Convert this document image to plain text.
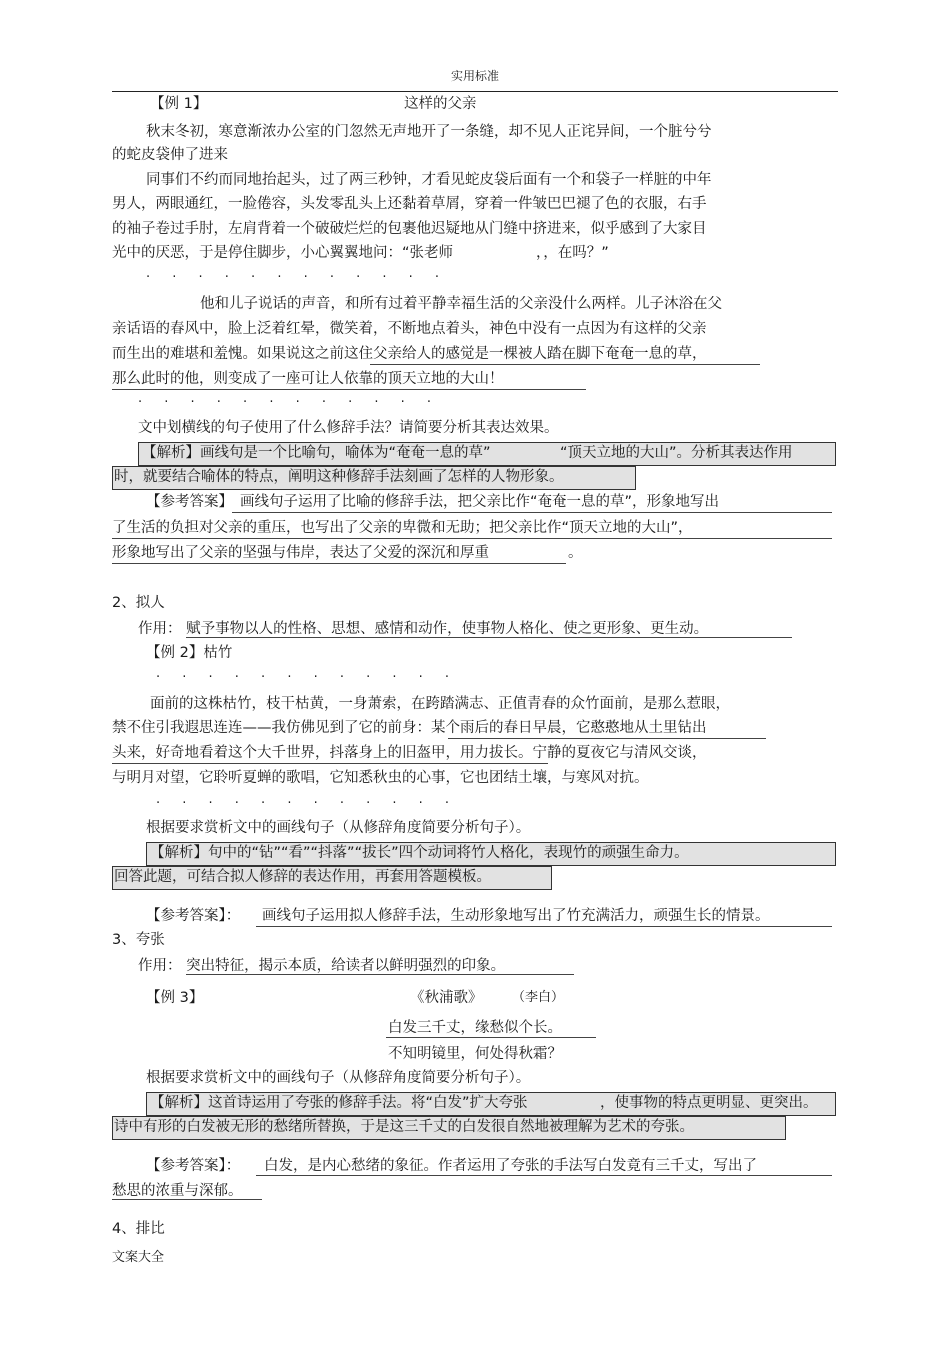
实用标准
【例 1】	这样的父亲
秋末冬初，寒意渐浓办公室的门忽然无声地开了一条缝，却不见人正诧异间，一个脏兮兮
的蛇皮袋伸了进来
同事们不约而同地抬起头，过了两三秒钟，才看见蛇皮袋后面有一个和袋子一样脏的中年
男人，两眼通红，一脸倦容，头发零乱头上还黏着草屑，穿着一件皱巴巴褪了色的衣服，右手
的袖子卷过手肘，左肩背着一个破破烂烂的包裹他迟疑地从门缝中挤进来，似乎感到了大家目
光中的厌恶，于是停住脚步，小心翼翼地问：“张老师	，，在吗？”
· · · · · · · · · · · ·
他和儿子说话的声音，和所有过着平静幸福生活的父亲没什么两样。儿子沐浴在父
亲话语的春风中，脸上泛着红晕，微笑着，不断地点着头，神色中没有一点因为有这样的父亲
而生出的难堪和羞愧。如果说这之前这住父亲给人的感觉是一棵被人踏在脚下奄奄一息的草，
那么此时的他，则变成了一座可让人依靠的顶天立地的大山！
· · · · · · · · · · · ·
文中划横线的句子使用了什么修辞手法？请简要分析其表达效果。
【解析】画线句是一个比喻句，喻体为“奄奄一息的草”	“顶天立地的大山”。分析其表达作用
时，就要结合喻体的特点，阐明这种修辞手法刻画了怎样的人物形象。
【参考答案】 画线句子运用了比喻的修辞手法，把父亲比作“奄奄一息的草”，形象地写出
了生活的负担对父亲的重压，也写出了父亲的卑微和无助；把父亲比作“顶天立地的大山”，
形象地写出了父亲的坚强与伟岸，表达了父爱的深沉和厚重	。
2、拟人
作用： 赋予事物以人的性格、思想、感情和动作，使事物人格化、使之更形象、更生动。
【例 2】枯竹
· · · · · · · · · · · ·
面前的这株枯竹，枝干枯黄，一身萧索，在跨踏满志、正值青春的众竹面前，是那么惹眼，
禁不住引我遐思连连——我仿佛见到了它的前身：某个雨后的春日早晨，它憨憨地从土里钻出
头来，好奇地看着这个大千世界，抖落身上的旧盔甲，用力拔长。宁静的夏夜它与清风交谈，
与明月对望，它聆听夏蝉的歌唱，它知悉秋虫的心事，它也团结土壤，与寒风对抗。
· · · · · · · · · · · ·
根据要求赏析文中的画线句子（从修辞角度简要分析句子）。
【解析】句中的“钻”“看”“抖落”“拔长”四个动词将竹人格化，表现竹的顽强生命力。
回答此题，可结合拟人修辞的表达作用，再套用答题模板。
【参考答案】： 画线句子运用拟人修辞手法，生动形象地写出了竹充满活力，顽强生长的情景。
3、夸张
作用： 突出特征，揭示本质，给读者以鲜明强烈的印象。
【例 3】	《秋浦歌》 （李白）
白发三千丈，缘愁似个长。
不知明镜里，何处得秋霜？
根据要求赏析文中的画线句子（从修辞角度简要分析句子）。
【解析】这首诗运用了夸张的修辞手法。将“白发”扩大夸张	，使事物的特点更明显、更突出。
诗中有形的白发被无形的愁绪所替换，于是这三千丈的白发很自然地被理解为艺术的夸张。
【参考答案】： 白发，是内心愁绪的象征。作者运用了夸张的手法写白发竟有三千丈，写出了
愁思的浓重与深郁。
4、排比
文案大全
